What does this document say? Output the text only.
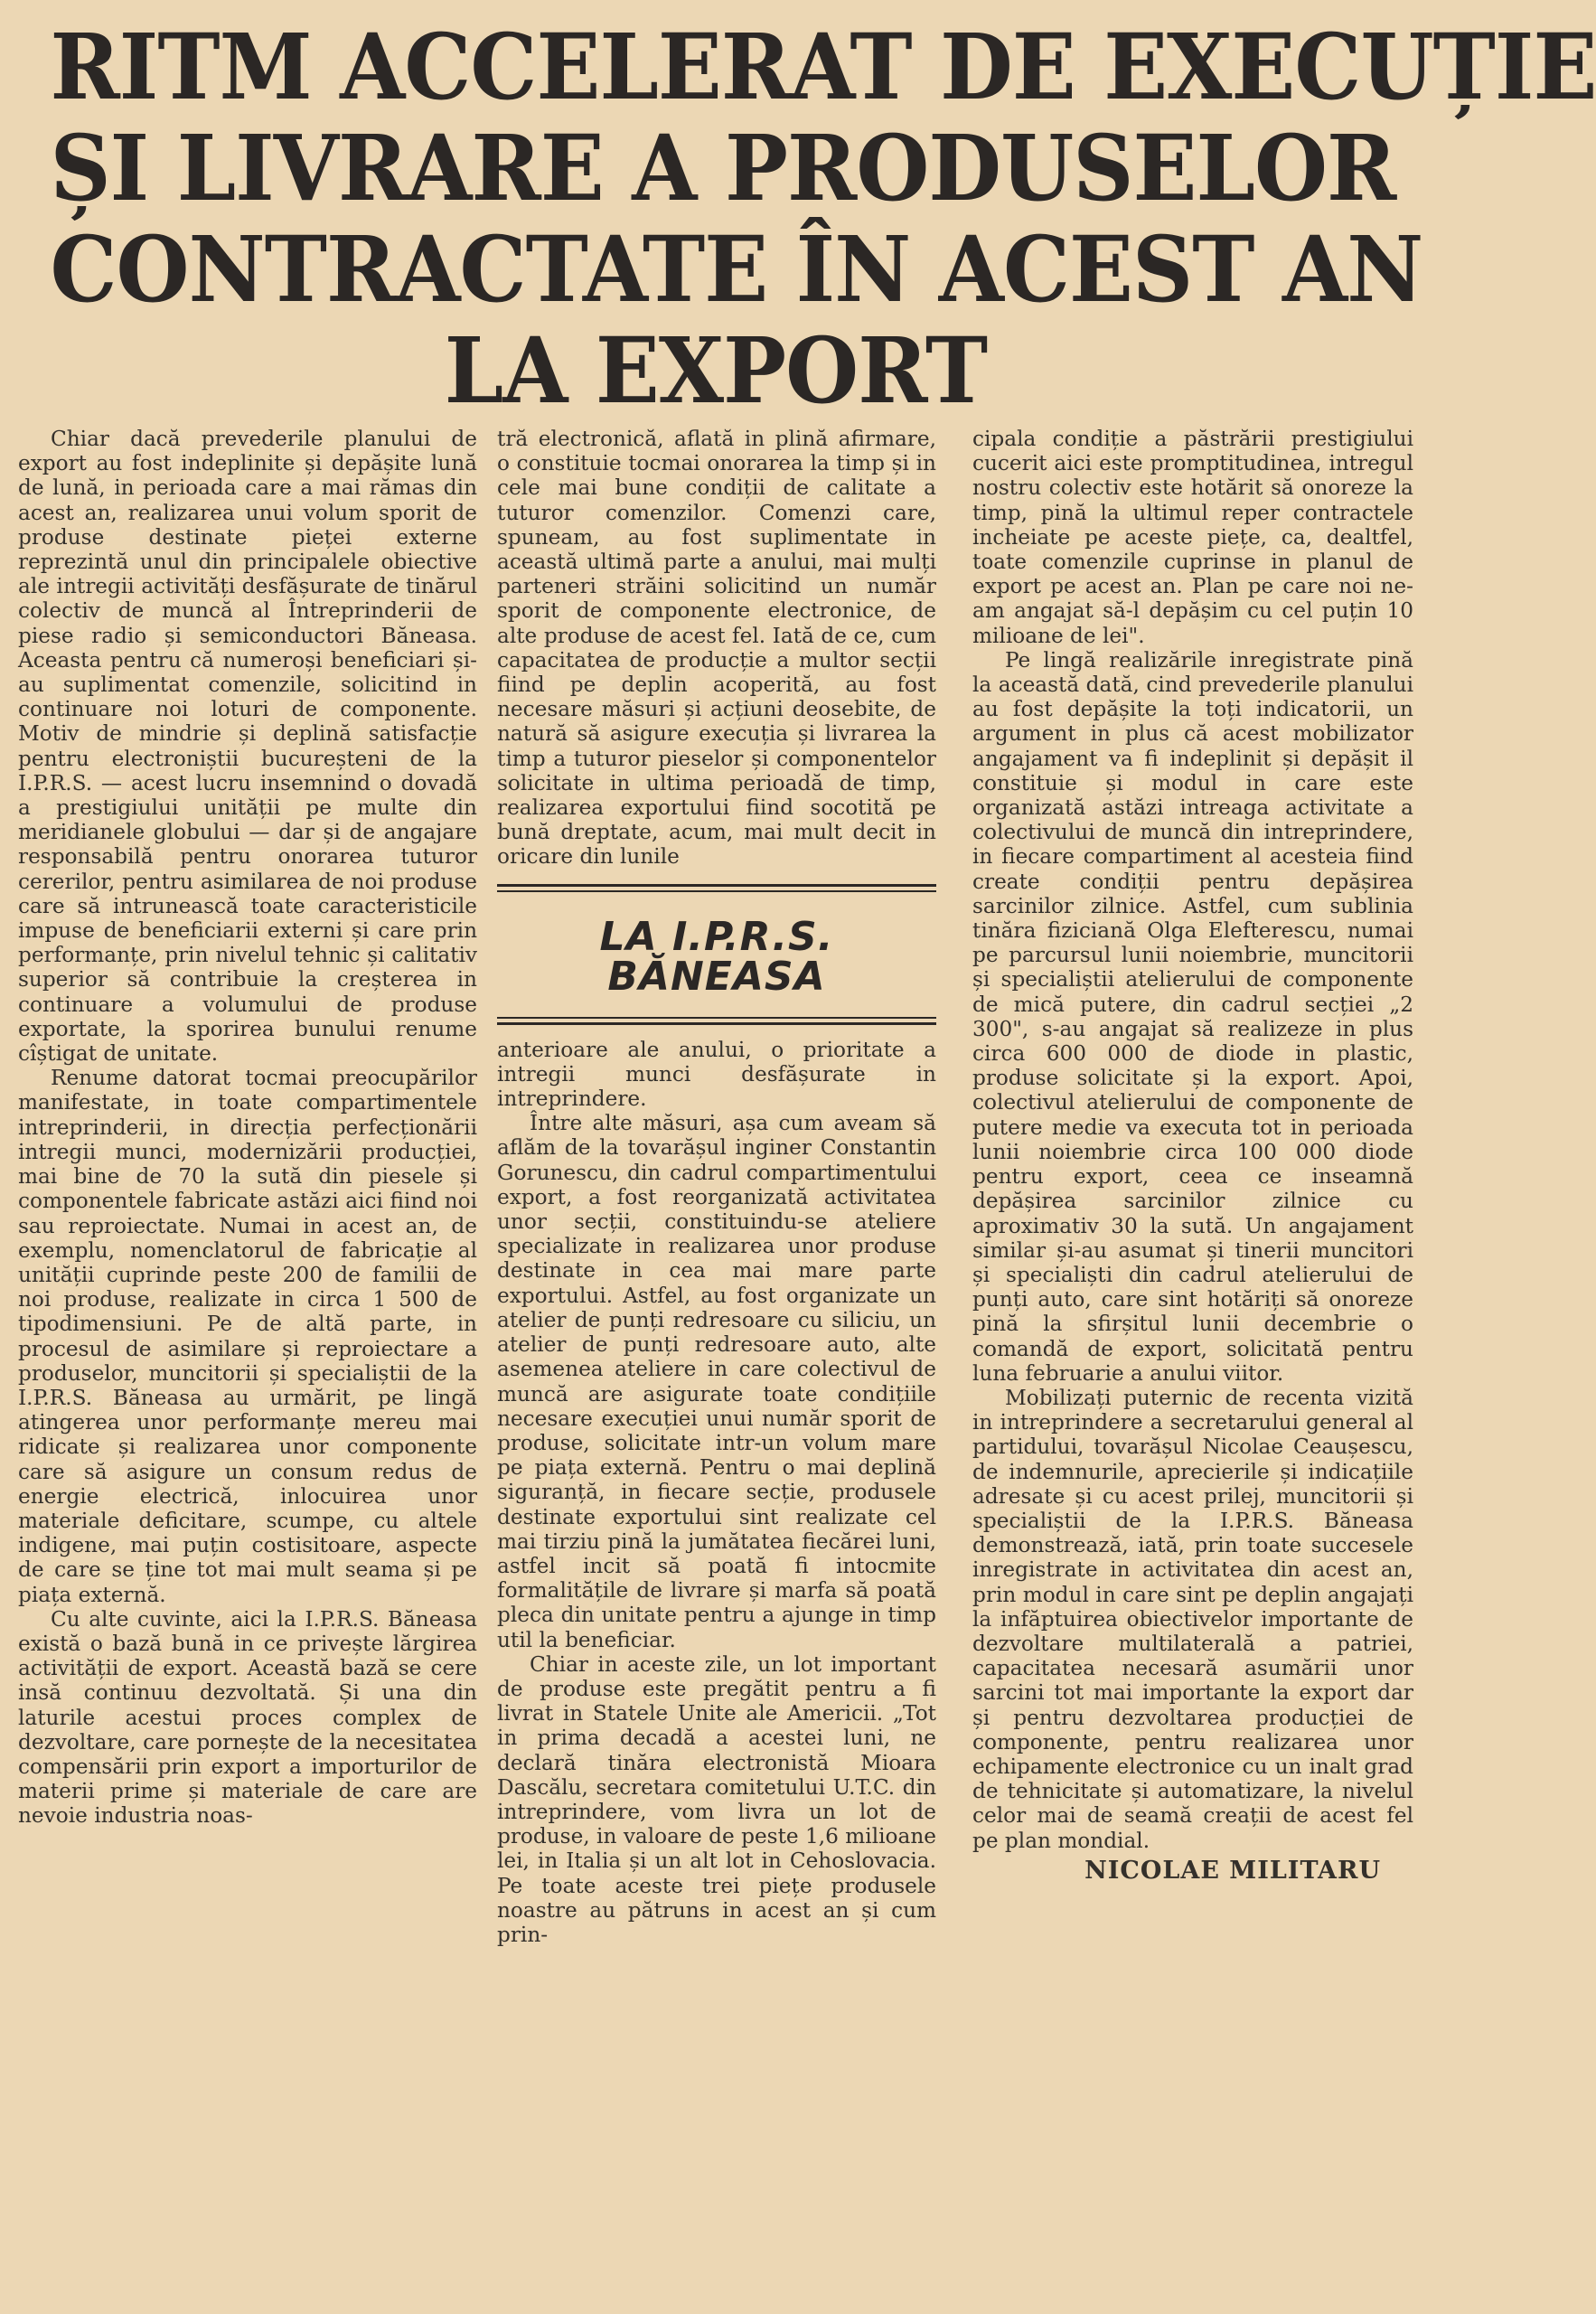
RITM ACCELERAT DE EXECUȚIE
ȘI LIVRARE A PRODUSELOR
CONTRACTATE ÎN ACEST AN
LA EXPORT

Chiar dacă prevederile planului de export au fost indeplinite și depășite lună de lună, in perioada care a mai rămas din acest an, realizarea unui volum sporit de produse destinate pieței externe reprezintă unul din principalele obiective ale intregii activități desfășurate de tinărul colectiv de muncă al Întreprinderii de piese radio și semiconductori Băneasa. Aceasta pentru că numeroși beneficiari și-au suplimentat comenzile, solicitind in continuare noi loturi de componente. Motiv de mindrie și deplină satisfacție pentru electroniștii bucureșteni de la I.P.R.S. — acest lucru insemnind o dovadă a prestigiului unității pe multe din meridianele globului — dar și de angajare responsabilă pentru onorarea tuturor cererilor, pentru asimilarea de noi produse care să intrunească toate caracteristicile impuse de beneficiarii externi și care prin performanțe, prin nivelul tehnic și calitativ superior să contribuie la creșterea in continuare a volumului de produse exportate, la sporirea bunului renume cîștigat de unitate.

Renume datorat tocmai preocupărilor manifestate, in toate compartimentele intreprinderii, in direcția perfecționării intregii munci, modernizării producției, mai bine de 70 la sută din piesele și componentele fabricate astăzi aici fiind noi sau reproiectate. Numai in acest an, de exemplu, nomenclatorul de fabricație al unității cuprinde peste 200 de familii de noi produse, realizate in circa 1 500 de tipodimensiuni. Pe de altă parte, in procesul de asimilare și reproiectare a produselor, muncitorii și specialiștii de la I.P.R.S. Băneasa au urmărit, pe lingă atingerea unor performanțe mereu mai ridicate și realizarea unor componente care să asigure un consum redus de energie electrică, inlocuirea unor materiale deficitare, scumpe, cu altele indigene, mai puțin costisitoare, aspecte de care se ține tot mai mult seama și pe piața externă.

Cu alte cuvinte, aici la I.P.R.S. Băneasa există o bază bună in ce privește lărgirea activității de export. Această bază se cere insă continuu dezvoltată. Și una din laturile acestui proces complex de dezvoltare, care pornește de la necesitatea compensării prin export a importurilor de materii prime și materiale de care are nevoie industria noas-

tră electronică, aflată in plină afirmare, o constituie tocmai onorarea la timp și in cele mai bune condiții de calitate a tuturor comenzilor. Comenzi care, spuneam, au fost suplimentate in această ultimă parte a anului, mai mulți parteneri străini solicitind un număr sporit de componente electronice, de alte produse de acest fel. Iată de ce, cum capacitatea de producție a multor secții fiind pe deplin acoperită, au fost necesare măsuri și acțiuni deosebite, de natură să asigure execuția și livrarea la timp a tuturor pieselor și componentelor solicitate in ultima perioadă de timp, realizarea exportului fiind socotită pe bună dreptate, acum, mai mult decit in oricare din lunile

LA I.P.R.S. BĂNEASA

anterioare ale anului, o prioritate a intregii munci desfășurate in intreprindere.

Între alte măsuri, așa cum aveam să aflăm de la tovarășul inginer Constantin Gorunescu, din cadrul compartimentului export, a fost reorganizată activitatea unor secții, constituindu-se ateliere specializate in realizarea unor produse destinate in cea mai mare parte exportului. Astfel, au fost organizate un atelier de punți redresoare cu siliciu, un atelier de punți redresoare auto, alte asemenea ateliere in care colectivul de muncă are asigurate toate condițiile necesare execuției unui număr sporit de produse, solicitate intr-un volum mare pe piața externă. Pentru o mai deplină siguranță, in fiecare secție, produsele destinate exportului sint realizate cel mai tirziu pină la jumătatea fiecărei luni, astfel incit să poată fi intocmite formalitățile de livrare și marfa să poată pleca din unitate pentru a ajunge in timp util la beneficiar.

Chiar in aceste zile, un lot important de produse este pregătit pentru a fi livrat in Statele Unite ale Americii. „Tot in prima decadă a acestei luni, ne declară tinăra electronistă Mioara Dascălu, secretara comitetului U.T.C. din intreprindere, vom livra un lot de produse, in valoare de peste 1,6 milioane lei, in Italia și un alt lot in Cehoslovacia. Pe toate aceste trei piețe produsele noastre au pătruns in acest an și cum prin-

cipala condiție a păstrării prestigiului cucerit aici este promptitudinea, intregul nostru colectiv este hotărit să onoreze la timp, pină la ultimul reper contractele incheiate pe aceste piețe, ca, dealtfel, toate comenzile cuprinse in planul de export pe acest an. Plan pe care noi ne-am angajat să-l depășim cu cel puțin 10 milioane de lei".

Pe lingă realizările inregistrate pină la această dată, cind prevederile planului au fost depășite la toți indicatorii, un argument in plus că acest mobilizator angajament va fi indeplinit și depășit il constituie și modul in care este organizată astăzi intreaga activitate a colectivului de muncă din intreprindere, in fiecare compartiment al acesteia fiind create condiții pentru depășirea sarcinilor zilnice. Astfel, cum sublinia tinăra fiziciană Olga Elefterescu, numai pe parcursul lunii noiembrie, muncitorii și specialiștii atelierului de componente de mică putere, din cadrul secției „2 300", s-au angajat să realizeze in plus circa 600 000 de diode in plastic, produse solicitate și la export. Apoi, colectivul atelierului de componente de putere medie va executa tot in perioada lunii noiembrie circa 100 000 diode pentru export, ceea ce inseamnă depășirea sarcinilor zilnice cu aproximativ 30 la sută. Un angajament similar și-au asumat și tinerii muncitori și specialiști din cadrul atelierului de punți auto, care sint hotăriți să onoreze pină la sfirșitul lunii decembrie o comandă de export, solicitată pentru luna februarie a anului viitor.

Mobilizați puternic de recenta vizită in intreprindere a secretarului general al partidului, tovarășul Nicolae Ceaușescu, de indemnurile, aprecierile și indicațiile adresate și cu acest prilej, muncitorii și specialiștii de la I.P.R.S. Băneasa demonstrează, iată, prin toate succesele inregistrate in activitatea din acest an, prin modul in care sint pe deplin angajați la infăptuirea obiectivelor importante de dezvoltare multilaterală a patriei, capacitatea necesară asumării unor sarcini tot mai importante la export dar și pentru dezvoltarea producției de componente, pentru realizarea unor echipamente electronice cu un inalt grad de tehnicitate și automatizare, la nivelul celor mai de seamă creații de acest fel pe plan mondial.

NICOLAE MILITARU
